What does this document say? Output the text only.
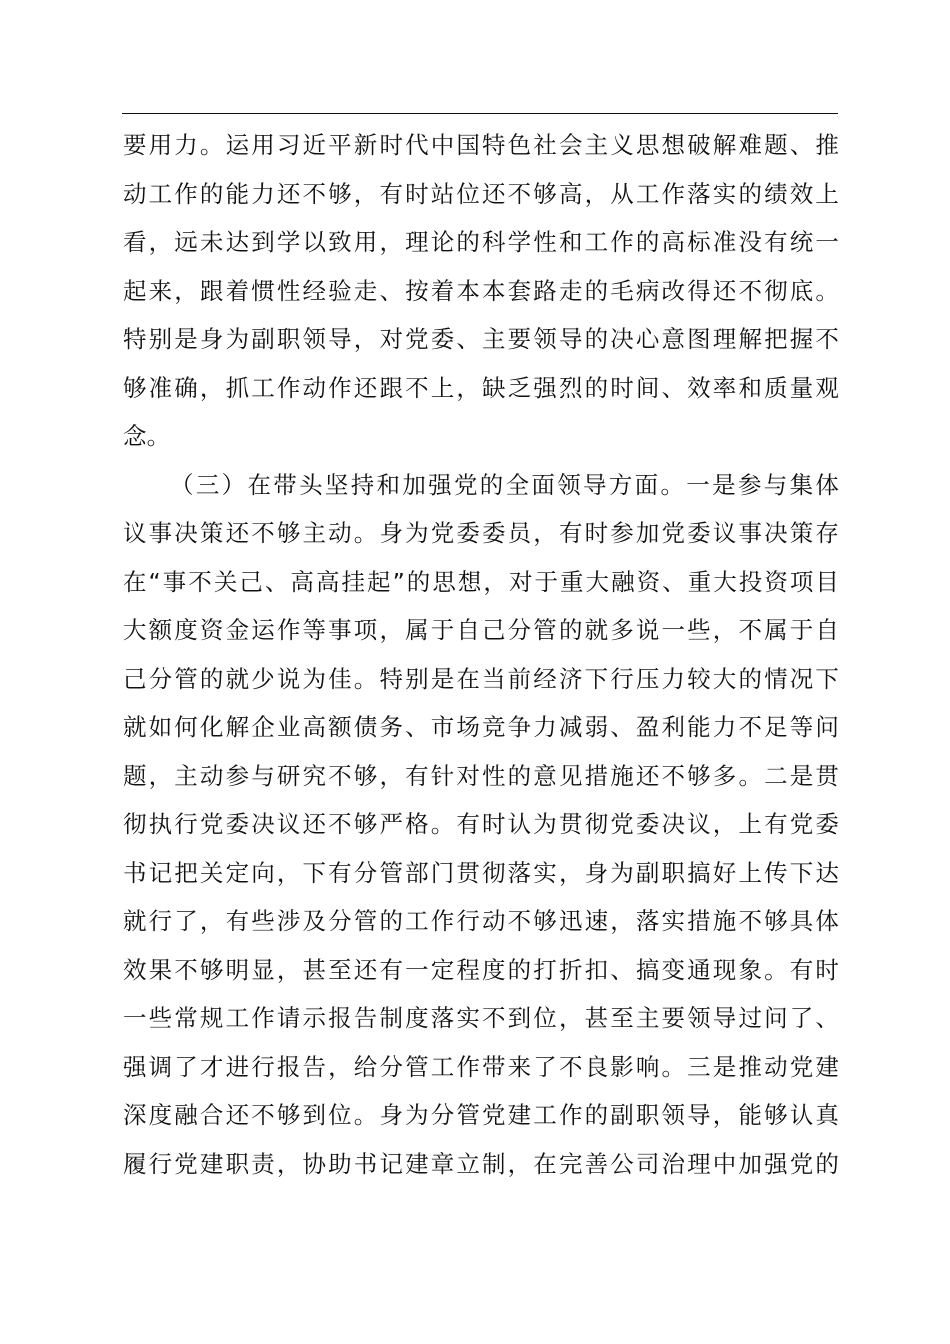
要用力。运用习近平新时代中国特色社会主义思想破解难题、推
动工作的能力还不够，有时站位还不够高，从工作落实的绩效上
看，远未达到学以致用，理论的科学性和工作的高标准没有统一
起来，跟着惯性经验走、按着本本套路走的毛病改得还不彻底。
特别是身为副职领导，对党委、主要领导的决心意图理解把握不
够准确，抓工作动作还跟不上，缺乏强烈的时间、效率和质量观
念。
（三）在带头坚持和加强党的全面领导方面。一是参与集体
议事决策还不够主动。身为党委委员，有时参加党委议事决策存
在“事不关己、高高挂起”的思想，对于重大融资、重大投资项目
大额度资金运作等事项，属于自己分管的就多说一些，不属于自
己分管的就少说为佳。特别是在当前经济下行压力较大的情况下
就如何化解企业高额债务、市场竞争力减弱、盈利能力不足等问
题，主动参与研究不够，有针对性的意见措施还不够多。二是贯
彻执行党委决议还不够严格。有时认为贯彻党委决议，上有党委
书记把关定向，下有分管部门贯彻落实，身为副职搞好上传下达
就行了，有些涉及分管的工作行动不够迅速，落实措施不够具体
效果不够明显，甚至还有一定程度的打折扣、搞变通现象。有时
一些常规工作请示报告制度落实不到位，甚至主要领导过问了、
强调了才进行报告，给分管工作带来了不良影响。三是推动党建
深度融合还不够到位。身为分管党建工作的副职领导，能够认真
履行党建职责，协助书记建章立制，在完善公司治理中加强党的
